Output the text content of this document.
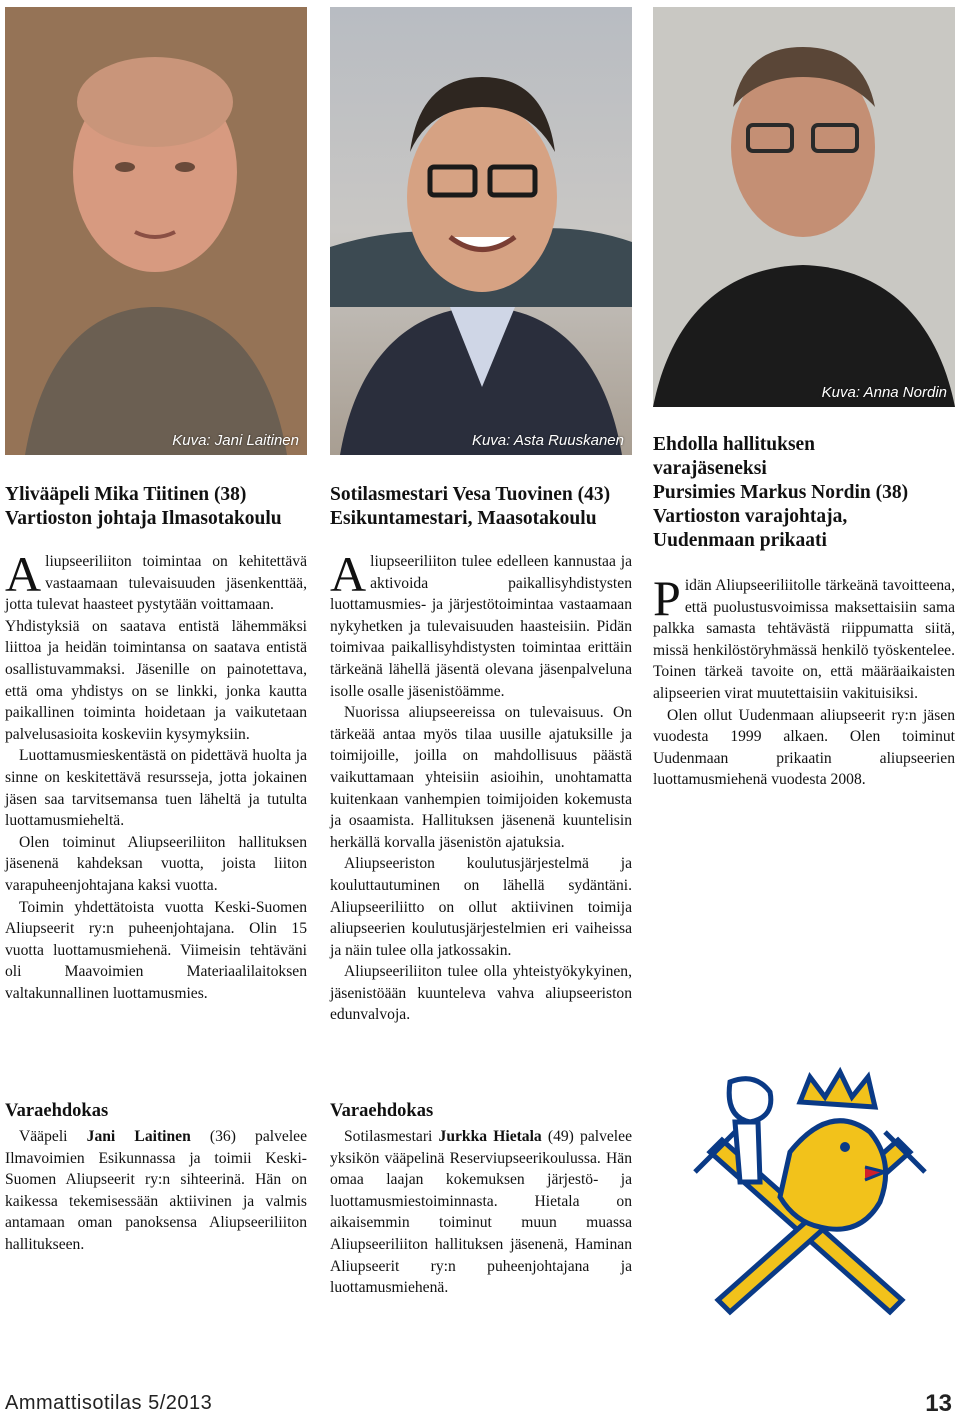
Kuva: Jani Laitinen	Kuva: Asta Ruuskanen
Kuva: Anna Nordin
Ylivääpeli Mika Tiitinen (38)
Vartioston johtaja Ilmasotakoulu

Aliupseeriliiton toimintaa on kehitettävä vastaamaan tulevaisuuden jäsenkenttää, jotta tulevat haasteet pystytään voittamaan.

Yhdistyksiä on saatava entistä lähemmäksi liittoa ja heidän toimintansa on saatava entistä osallistuvammaksi. Jäsenille on painotettava, että oma yhdistys on se linkki, jonka kautta paikallinen toiminta hoidetaan ja vaikutetaan palvelusasioita koskeviin kysymyksiin.

Luottamusmieskentästä on pidettävä huolta ja sinne on keskitettävä resursseja, jotta jokainen jäsen saa tarvitsemansa tuen läheltä ja tutulta luottamusmieheltä.

Olen toiminut Aliupseeriliiton hallituksen jäsenenä kahdeksan vuotta, joista liiton varapuheenjohtajana kaksi vuotta.

Toimin yhdettätoista vuotta Keski-Suomen Aliupseerit ry:n puheenjohtajana. Olin 15 vuotta luottamusmiehenä. Viimeisin tehtäväni oli Maavoimien Materiaalilaitoksen valtakunnallinen luottamusmies.

Varaehdokas

Vääpeli Jani Laitinen (36) palvelee Ilmavoimien Esikunnassa ja toimii Keski-Suomen Aliupseerit ry:n sihteerinä. Hän on kaikessa tekemisessään aktiivinen ja valmis antamaan oman panoksensa Aliupseeriliiton hallitukseen.

Sotilasmestari Vesa Tuovinen (43)
Esikuntamestari, Maasotakoulu

Aliupseeriliiton tulee edelleen kannustaa ja aktivoida paikallisyhdistysten luottamusmies- ja järjestötoimintaa vastaamaan nykyhetken ja tulevaisuuden haasteisiin. Pidän toimivaa paikallisyhdistysten toimintaa erittäin tärkeänä lähellä jäsentä olevana jäsenpalveluna isolle osalle jäsenistöämme.

Nuorissa aliupseereissa on tulevaisuus. On tärkeää antaa myös tilaa uusille ajatuksille ja toimijoille, joilla on mahdollisuus päästä vaikuttamaan yhteisiin asioihin, unohtamatta kuitenkaan vanhempien toimijoiden kokemusta ja osaamista. Hallituksen jäsenenä kuuntelisin herkällä korvalla jäsenistön ajatuksia.

Aliupseeriston koulutusjärjestelmä ja kouluttautuminen on lähellä sydäntäni. Aliupseeriliitto on ollut aktiivinen toimija aliupseerien koulutusjärjestelmien eri vaiheissa ja näin tulee olla jatkossakin.

Aliupseeriliiton tulee olla yhteistyökykyinen, jäsenistöään kuunteleva vahva aliupseeriston edunvalvoja.

Varaehdokas

Sotilasmestari Jurkka Hietala (49) palvelee yksikön vääpelinä Reserviupseerikoulussa. Hän omaa laajan kokemuksen järjestö- ja luottamusmiestoiminnasta. Hietala on aikaisemmin toiminut muun muassa Aliupseeriliiton hallituksen jäsenenä, Haminan Aliupseerit ry:n puheenjohtajana ja luottamusmiehenä.

Ehdolla hallituksen
varajäseneksi
Pursimies Markus Nordin (38)
Vartioston varajohtaja,
Uudenmaan prikaati

Pidän Aliupseeriliitolle tärkeänä tavoitteena, että puolustusvoimissa maksettaisiin sama palkka samasta tehtävästä riippumatta siitä, missä henkilöstöryhmässä henkilö työskentelee. Toinen tärkeä tavoite on, että määräaikaisten alipseerien virat muutettaisiin vakituisiksi.

Olen ollut Uudenmaan aliupseerit ry:n jäsen vuodesta 1999 alkaen. Olen toiminut Uudenmaan prikaatin aliupseerien luottamusmiehenä vuodesta 2008.

Ammattisotilas 5/2013	13
